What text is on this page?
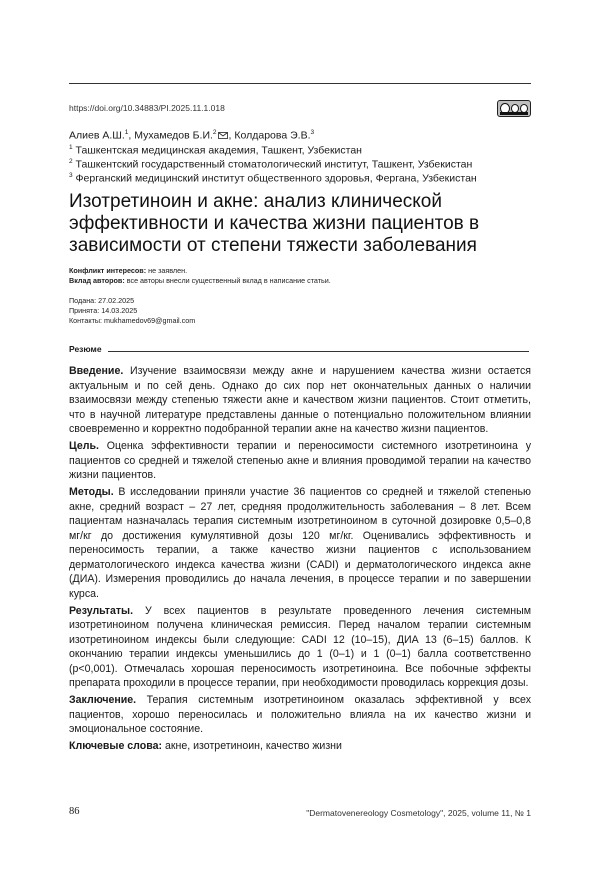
https://doi.org/10.34883/PI.2025.11.1.018
Алиев А.Ш.1, Мухамедов Б.И.2 , Колдарова Э.В.3
1 Ташкентская медицинская академия, Ташкент, Узбекистан
2 Ташкентский государственный стоматологический институт, Ташкент, Узбекистан
3 Ферганский медицинский институт общественного здоровья, Фергана, Узбекистан
Изотретиноин и акне: анализ клинической эффективности и качества жизни пациентов в зависимости от степени тяжести заболевания
Конфликт интересов: не заявлен.
Вклад авторов: все авторы внесли существенный вклад в написание статьи.
Подана: 27.02.2025
Принята: 14.03.2025
Контакты: mukhamedov69@gmail.com
Резюме

Введение. Изучение взаимосвязи между акне и нарушением качества жизни остается актуальным и по сей день. Однако до сих пор нет окончательных данных о наличии взаимосвязи между степенью тяжести акне и качеством жизни пациентов. Стоит отметить, что в научной литературе представлены данные о потенциально положительном влиянии своевременно и корректно подобранной терапии акне на качество жизни пациентов.

Цель. Оценка эффективности терапии и переносимости системного изотретиноина у пациентов со средней и тяжелой степенью акне и влияния проводимой терапии на качество жизни пациентов.

Методы. В исследовании приняли участие 36 пациентов со средней и тяжелой степенью акне, средний возраст – 27 лет, средняя продолжительность заболевания – 8 лет. Всем пациентам назначалась терапия системным изотретиноином в суточной дозировке 0,5–0,8 мг/кг до достижения кумулятивной дозы 120 мг/кг. Оценивались эффективность и переносимость терапии, а также качество жизни пациентов с использованием дерматологического индекса качества жизни (CADI) и дерматологического индекса акне (ДИА). Измерения проводились до начала лечения, в процессе терапии и по завершении курса.

Результаты. У всех пациентов в результате проведенного лечения системным изотретиноином получена клиническая ремиссия. Перед началом терапии системным изотретиноином индексы были следующие: CADI 12 (10–15), ДИА 13 (6–15) баллов. К окончанию терапии индексы уменьшились до 1 (0–1) и 1 (0–1) балла соответственно (р<0,001). Отмечалась хорошая переносимость изотретиноина. Все побочные эффекты препарата проходили в процессе терапии, при необходимости проводилась коррекция дозы.

Заключение. Терапия системным изотретиноином оказалась эффективной у всех пациентов, хорошо переносилась и положительно влияла на их качество жизни и эмоциональное состояние.

Ключевые слова: акне, изотретиноин, качество жизни

86	"Dermatovenereology Cosmetology", 2025, volume 11, № 1
